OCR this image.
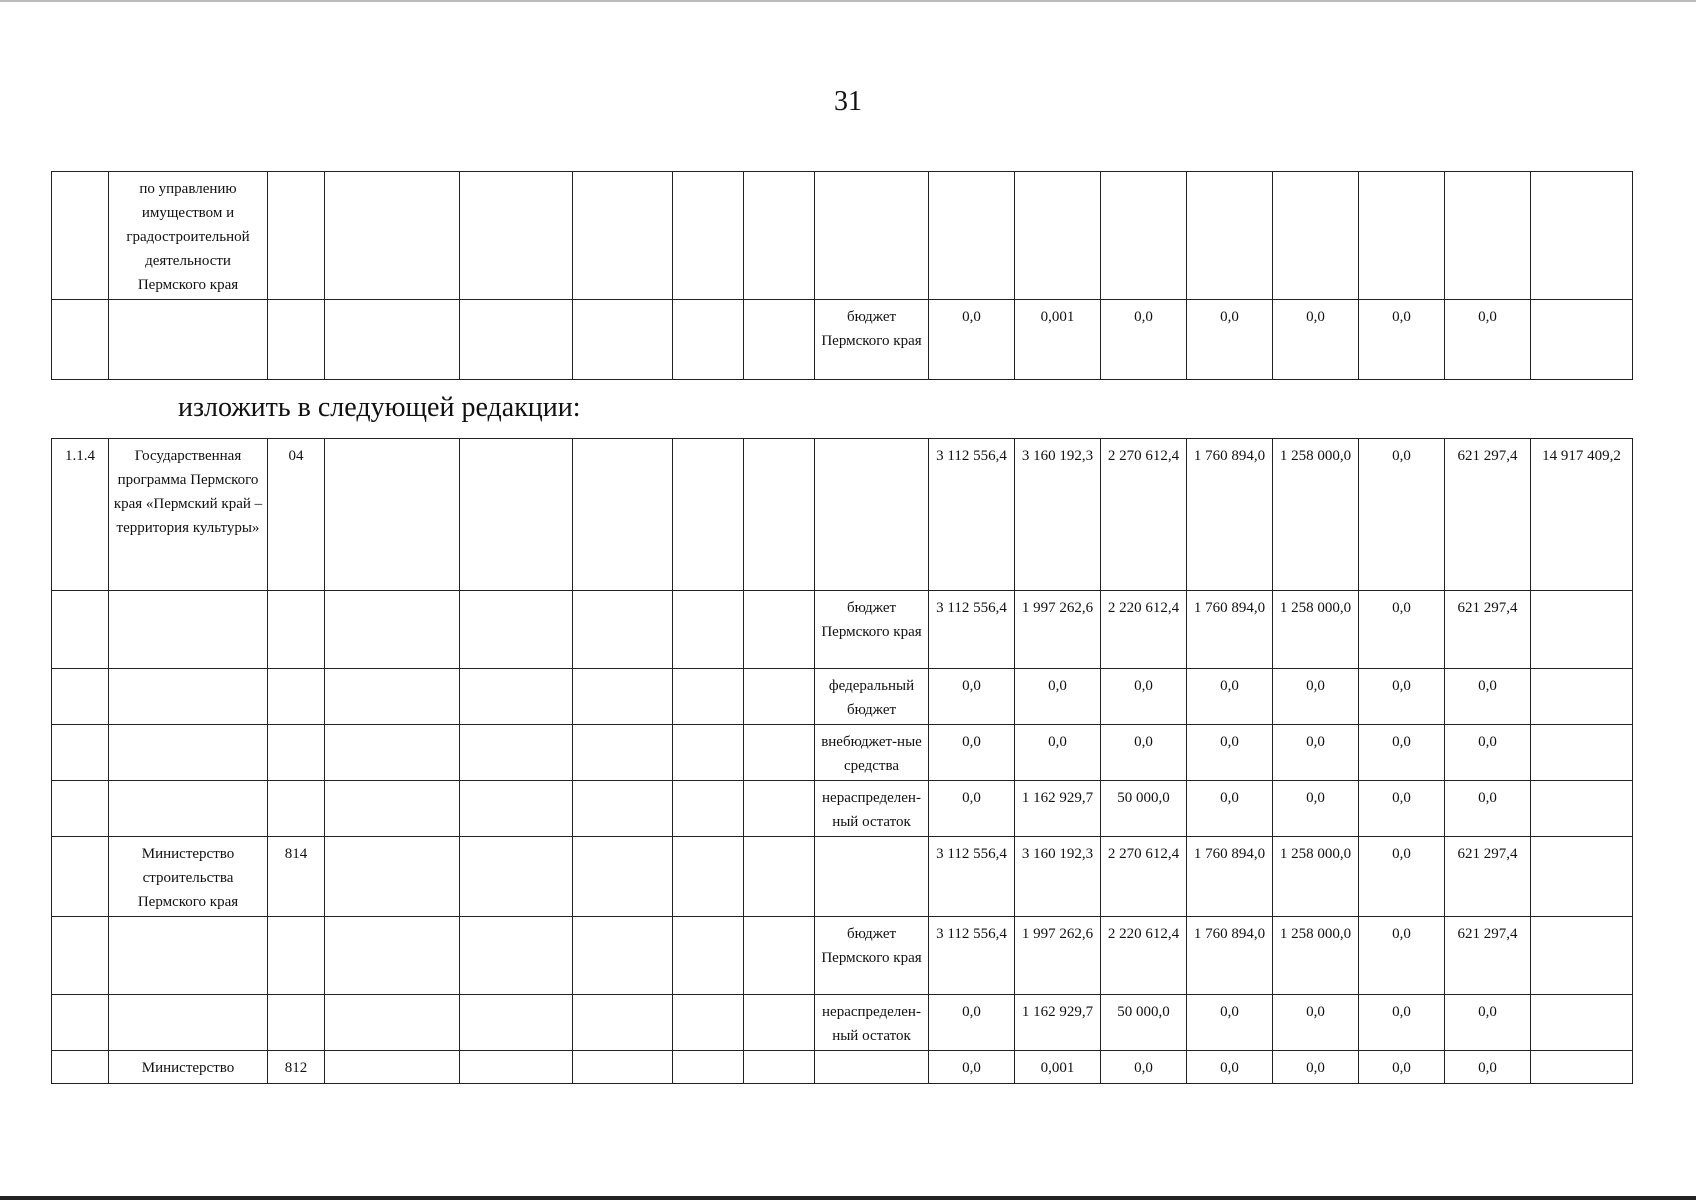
31
	по управлению имуществом и градостроительной деятельности Пермского края															
								бюджет Пермского края	0,0	0,001	0,0	0,0	0,0	0,0	0,0	
изложить в следующей редакции:
1.1.4	Государственная программа Пермского края «Пермский край – территория культуры»	04							3 112 556,4	3 160 192,3	2 270 612,4	1 760 894,0	1 258 000,0	0,0	621 297,4	14 917 409,2
								бюджет Пермского края	3 112 556,4	1 997 262,6	2 220 612,4	1 760 894,0	1 258 000,0	0,0	621 297,4	
								федеральный бюджет	0,0	0,0	0,0	0,0	0,0	0,0	0,0	
								внебюджет-ные средства	0,0	0,0	0,0	0,0	0,0	0,0	0,0	
								нераспределен-ный остаток	0,0	1 162 929,7	50 000,0	0,0	0,0	0,0	0,0	
	Министерство строительства Пермского края	814							3 112 556,4	3 160 192,3	2 270 612,4	1 760 894,0	1 258 000,0	0,0	621 297,4	
								бюджет Пермского края	3 112 556,4	1 997 262,6	2 220 612,4	1 760 894,0	1 258 000,0	0,0	621 297,4	
								нераспределен-ный остаток	0,0	1 162 929,7	50 000,0	0,0	0,0	0,0	0,0	
	Министерство	812							0,0	0,001	0,0	0,0	0,0	0,0	0,0	
